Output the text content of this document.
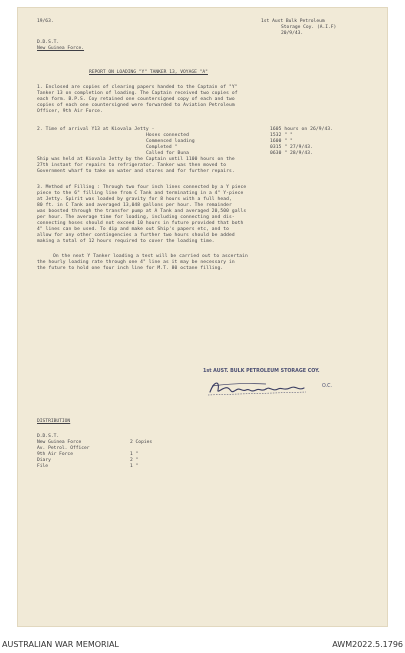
19/63.	1st Aust Bulk Petroleum
Storage Coy. (A.I.F)
20/9/43.
D.D.S.T.
New Guinea Force.
REPORT ON LOADING "Y" TANKER 13, VOYAGE "A"
1. Enclosed are copies of clearing papers handed to the Captain of "Y"
Tanker 13 on completion of loading. The Captain received two copies of
each form. B.P.S. Coy retained one countersigned copy of each and two
copies of each one countersigned were forwarded to Aviation Petroleum
Officer, 9th Air Force.
2. Time of arrival Y13 at Kiovala Jetty -	1605 hours on 26/9/43.
Hoses connected	1532 " "
Commenced loading	1600 " "
Completed "	0315 " 27/9/43.
Called for Buna	0630 " 28/9/43.
Ship was held at Kiovala Jetty by the Captain until 1100 hours on the
27th instant for repairs to refrigerator. Tanker was then moved to
Government wharf to take on water and stores and for further repairs.
3. Method of Filling : Through two four inch lines connected by a Y piece
piece to the 6" filling line from C Tank and terminating in a 4" Y-piece
at Jetty. Spirit was loaded by gravity for 8 hours with a full head,
80 ft. in C Tank and averaged 13,048 gallons per hour. The remainder
was boosted through the transfer pump at A Tank and averaged 20,500 galls
per hour. The average time for loading, including connecting and dis-
connecting hoses should not exceed 10 hours in future provided that both
4" lines can be used. To dip and make out Ship's papers etc, and to
allow for any other contingencies a further two hours should be added
making a total of 12 hours required to cover the loading time.
On the next Y Tanker loading a test will be carried out to ascertain
the hourly loading rate through one 4" line as it may be necessary in
the future to hold one four inch line for M.T. 80 octane filling.
1st AUST. BULK PETROLEUM STORAGE COY.
O.C.
DISTRIBUTION
D.D.S.T.
New Guinea Force	2 Copies
Av. Petrol. Officer
9th Air Force	1 "
Diary	2 "
File	1 "
AUSTRALIAN WAR MEMORIAL	AWM2022.5.1796
